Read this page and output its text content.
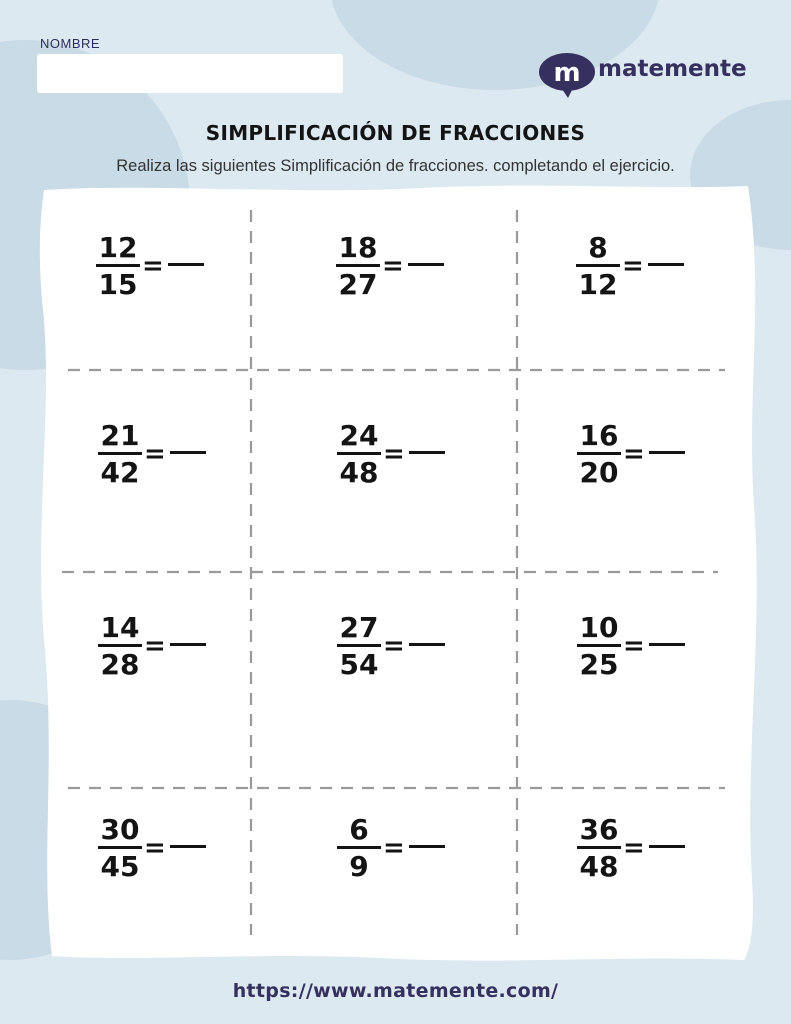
NOMBRE
m matemente
SIMPLIFICACIÓN DE FRACCIONES
Realiza las siguientes Simplificación de fracciones. completando el ejercicio.
12
15
=
18
27
=
8
12
=
21
42
=
24
48
=
16
20
=
14
28
=
27
54
=
10
25
=
30
45
=
6
9
=
36
48
=
https://www.matemente.com/
